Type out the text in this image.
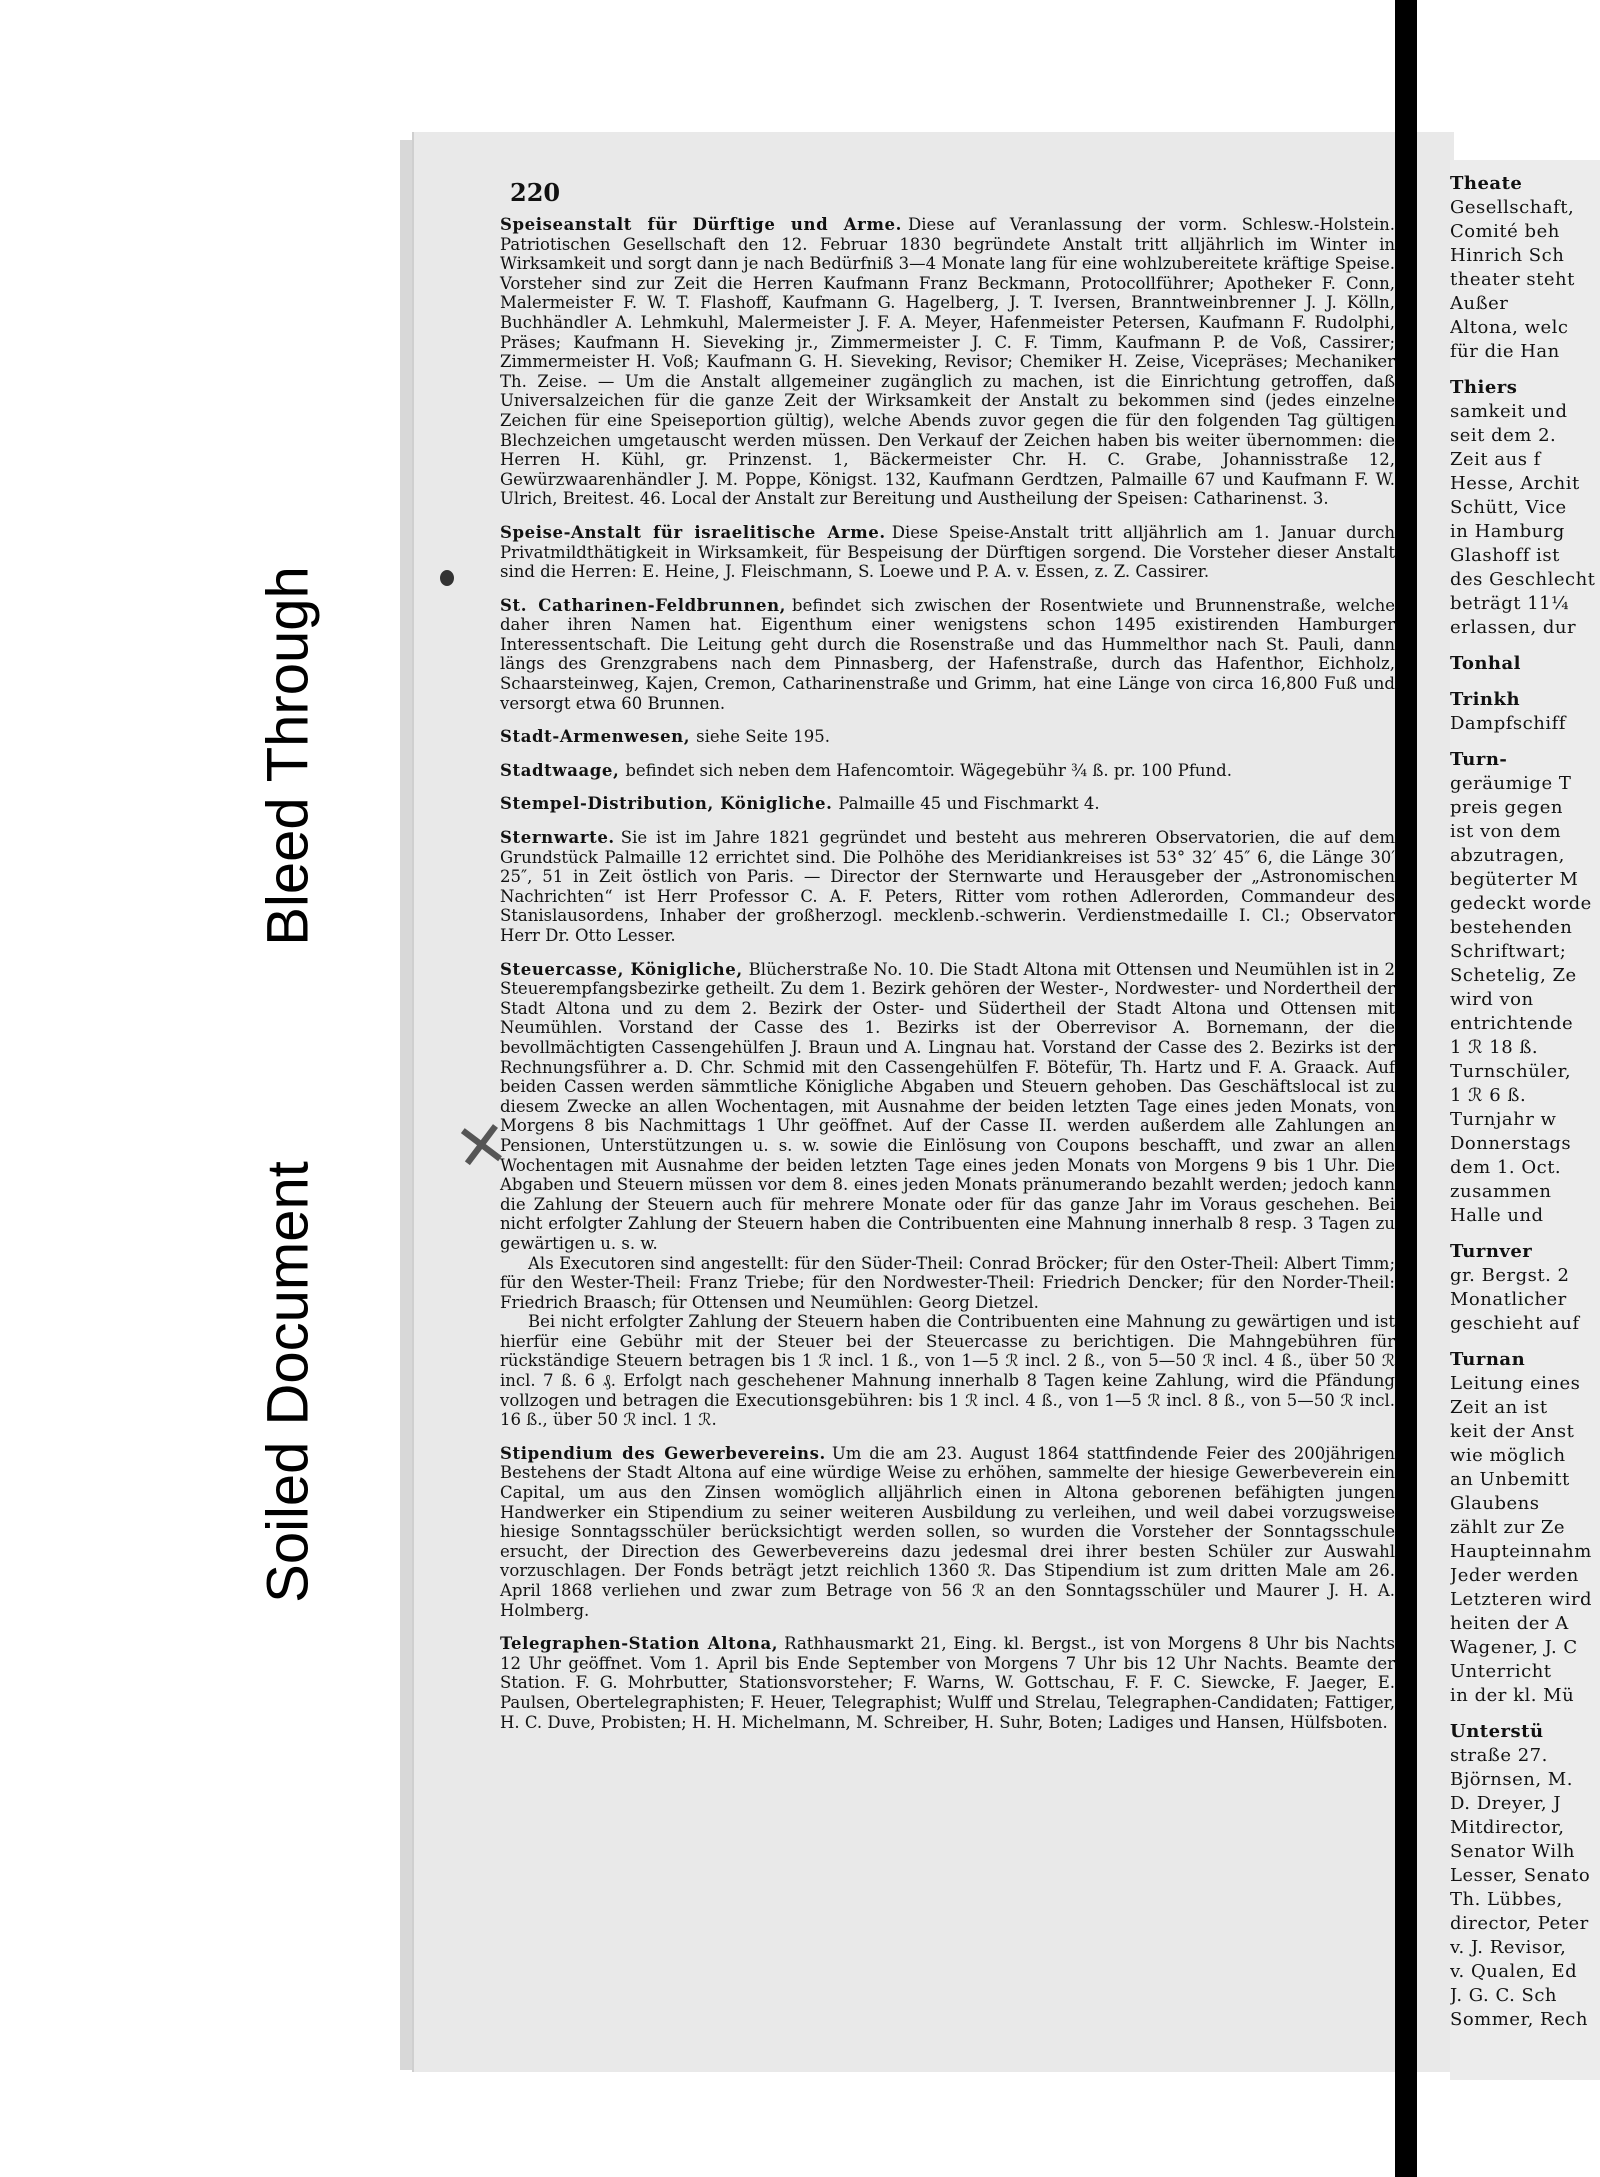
Bleed Through
Soiled Document
✕
220

Speiseanstalt für Dürftige und Arme. Diese auf Veranlassung der vorm. Schlesw.-Holstein. Patriotischen Gesellschaft den 12. Februar 1830 begründete Anstalt tritt alljährlich im Winter in Wirksamkeit und sorgt dann je nach Bedürfniß 3—4 Monate lang für eine wohlzubereitete kräftige Speise. Vorsteher sind zur Zeit die Herren Kaufmann Franz Beckmann, Protocollführer; Apotheker F. Conn, Malermeister F. W. T. Flashoff, Kaufmann G. Hagelberg, J. T. Iversen, Branntweinbrenner J. J. Kölln, Buchhändler A. Lehmkuhl, Malermeister J. F. A. Meyer, Hafenmeister Petersen, Kaufmann F. Rudolphi, Präses; Kaufmann H. Sieveking jr., Zimmermeister J. C. F. Timm, Kaufmann P. de Voß, Cassirer; Zimmermeister H. Voß; Kaufmann G. H. Sieveking, Revisor; Chemiker H. Zeise, Vicepräses; Mechaniker Th. Zeise. — Um die Anstalt allgemeiner zugänglich zu machen, ist die Einrichtung getroffen, daß Universalzeichen für die ganze Zeit der Wirksamkeit der Anstalt zu bekommen sind (jedes einzelne Zeichen für eine Speiseportion gültig), welche Abends zuvor gegen die für den folgenden Tag gültigen Blechzeichen umgetauscht werden müssen. Den Verkauf der Zeichen haben bis weiter übernommen: die Herren H. Kühl, gr. Prinzenst. 1, Bäckermeister Chr. H. C. Grabe, Johannisstraße 12, Gewürzwaarenhändler J. M. Poppe, Königst. 132, Kaufmann Gerdtzen, Palmaille 67 und Kaufmann F. W. Ulrich, Breitest. 46. Local der Anstalt zur Bereitung und Austheilung der Speisen: Catharinenst. 3.

Speise-Anstalt für israelitische Arme. Diese Speise-Anstalt tritt alljährlich am 1. Januar durch Privatmildthätigkeit in Wirksamkeit, für Bespeisung der Dürftigen sorgend. Die Vorsteher dieser Anstalt sind die Herren: E. Heine, J. Fleischmann, S. Loewe und P. A. v. Essen, z. Z. Cassirer.

St. Catharinen-Feldbrunnen, befindet sich zwischen der Rosentwiete und Brunnenstraße, welche daher ihren Namen hat. Eigenthum einer wenigstens schon 1495 existirenden Hamburger Interessentschaft. Die Leitung geht durch die Rosenstraße und das Hummelthor nach St. Pauli, dann längs des Grenzgrabens nach dem Pinnasberg, der Hafenstraße, durch das Hafenthor, Eichholz, Schaarsteinweg, Kajen, Cremon, Catharinenstraße und Grimm, hat eine Länge von circa 16,800 Fuß und versorgt etwa 60 Brunnen.

Stadt-Armenwesen, siehe Seite 195.

Stadtwaage, befindet sich neben dem Hafencomtoir. Wägegebühr ¾ ß. pr. 100 Pfund.

Stempel-Distribution, Königliche. Palmaille 45 und Fischmarkt 4.

Sternwarte. Sie ist im Jahre 1821 gegründet und besteht aus mehreren Observatorien, die auf dem Grundstück Palmaille 12 errichtet sind. Die Polhöhe des Meridiankreises ist 53° 32′ 45″ 6, die Länge 30′ 25″, 51 in Zeit östlich von Paris. — Director der Sternwarte und Herausgeber der „Astronomischen Nachrichten“ ist Herr Professor C. A. F. Peters, Ritter vom rothen Adlerorden, Commandeur des Stanislausordens, Inhaber der großherzogl. mecklenb.-schwerin. Verdienstmedaille I. Cl.; Observator Herr Dr. Otto Lesser.

Steuercasse, Königliche, Blücherstraße No. 10. Die Stadt Altona mit Ottensen und Neumühlen ist in 2 Steuerempfangsbezirke getheilt. Zu dem 1. Bezirk gehören der Wester-, Nordwester- und Nordertheil der Stadt Altona und zu dem 2. Bezirk der Oster- und Südertheil der Stadt Altona und Ottensen mit Neumühlen. Vorstand der Casse des 1. Bezirks ist der Oberrevisor A. Bornemann, der die bevollmächtigten Cassengehülfen J. Braun und A. Lingnau hat. Vorstand der Casse des 2. Bezirks ist der Rechnungsführer a. D. Chr. Schmid mit den Cassengehülfen F. Bötefür, Th. Hartz und F. A. Graack. Auf beiden Cassen werden sämmtliche Königliche Abgaben und Steuern gehoben. Das Geschäftslocal ist zu diesem Zwecke an allen Wochentagen, mit Ausnahme der beiden letzten Tage eines jeden Monats, von Morgens 8 bis Nachmittags 1 Uhr geöffnet. Auf der Casse II. werden außerdem alle Zahlungen an Pensionen, Unterstützungen u. s. w. sowie die Einlösung von Coupons beschafft, und zwar an allen Wochentagen mit Ausnahme der beiden letzten Tage eines jeden Monats von Morgens 9 bis 1 Uhr. Die Abgaben und Steuern müssen vor dem 8. eines jeden Monats pränumerando bezahlt werden; jedoch kann die Zahlung der Steuern auch für mehrere Monate oder für das ganze Jahr im Voraus geschehen. Bei nicht erfolgter Zahlung der Steuern haben die Contribuenten eine Mahnung innerhalb 8 resp. 3 Tagen zu gewärtigen u. s. w.

Als Executoren sind angestellt: für den Süder-Theil: Conrad Bröcker; für den Oster-Theil: Albert Timm; für den Wester-Theil: Franz Triebe; für den Nordwester-Theil: Friedrich Dencker; für den Norder-Theil: Friedrich Braasch; für Ottensen und Neumühlen: Georg Dietzel.

Bei nicht erfolgter Zahlung der Steuern haben die Contribuenten eine Mahnung zu gewärtigen und ist hierfür eine Gebühr mit der Steuer bei der Steuercasse zu berichtigen. Die Mahngebühren für rückständige Steuern betragen bis 1 ℛ incl. 1 ß., von 1—5 ℛ incl. 2 ß., von 5—50 ℛ incl. 4 ß., über 50 ℛ incl. 7 ß. 6 ₰. Erfolgt nach geschehener Mahnung innerhalb 8 Tagen keine Zahlung, wird die Pfändung vollzogen und betragen die Executionsgebühren: bis 1 ℛ incl. 4 ß., von 1—5 ℛ incl. 8 ß., von 5—50 ℛ incl. 16 ß., über 50 ℛ incl. 1 ℛ.

Stipendium des Gewerbevereins. Um die am 23. August 1864 stattfindende Feier des 200jährigen Bestehens der Stadt Altona auf eine würdige Weise zu erhöhen, sammelte der hiesige Gewerbeverein ein Capital, um aus den Zinsen womöglich alljährlich einen in Altona geborenen befähigten jungen Handwerker ein Stipendium zu seiner weiteren Ausbildung zu verleihen, und weil dabei vorzugsweise hiesige Sonntagsschüler berücksichtigt werden sollen, so wurden die Vorsteher der Sonntagsschule ersucht, der Direction des Gewerbevereins dazu jedesmal drei ihrer besten Schüler zur Auswahl vorzuschlagen. Der Fonds beträgt jetzt reichlich 1360 ℛ. Das Stipendium ist zum dritten Male am 26. April 1868 verliehen und zwar zum Betrage von 56 ℛ an den Sonntagsschüler und Maurer J. H. A. Holmberg.

Telegraphen-Station Altona, Rathhausmarkt 21, Eing. kl. Bergst., ist von Morgens 8 Uhr bis Nachts 12 Uhr geöffnet. Vom 1. April bis Ende September von Morgens 7 Uhr bis 12 Uhr Nachts. Beamte der Station. F. G. Mohrbutter, Stationsvorsteher; F. Warns, W. Gottschau, F. F. C. Siewcke, F. Jaeger, E. Paulsen, Obertelegraphisten; F. Heuer, Telegraphist; Wulff und Strelau, Telegraphen-Candidaten; Fattiger, H. C. Duve, Probisten; H. H. Michelmann, M. Schreiber, H. Suhr, Boten; Ladiges und Hansen, Hülfsboten.

Theate
Gesellschaft,
Comité beh
Hinrich Sch
theater steht
Außer
Altona, welc
für die Han
Thiers
samkeit und
seit dem 2.
Zeit aus f
Hesse, Archit
Schütt, Vice
in Hamburg
Glashoff ist
des Geschlecht
beträgt 11¼
erlassen, dur
Tonhal
Trinkh
Dampfschiff
Turn-
geräumige T
preis gegen
ist von dem
abzutragen,
begüterter M
gedeckt worde
bestehenden
Schriftwart;
Schetelig, Ze
wird von
entrichtende
1 ℛ 18 ß.
Turnschüler,
1 ℛ 6 ß.
Turnjahr w
Donnerstags
dem 1. Oct.
zusammen
Halle und
Turnver
gr. Bergst. 2
Monatlicher
geschieht auf
Turnan
Leitung eines
Zeit an ist
keit der Anst
wie möglich
an Unbemitt
Glaubens
zählt zur Ze
Haupteinnahm
Jeder werden
Letzteren wird
heiten der A
Wagener, J. C
Unterricht
in der kl. Mü
Unterstü
straße 27.
Björnsen, M.
D. Dreyer, J
Mitdirector,
Senator Wilh
Lesser, Senato
Th. Lübbes,
director, Peter
v. J. Revisor,
v. Qualen, Ed
J. G. C. Sch
Sommer, Rech
